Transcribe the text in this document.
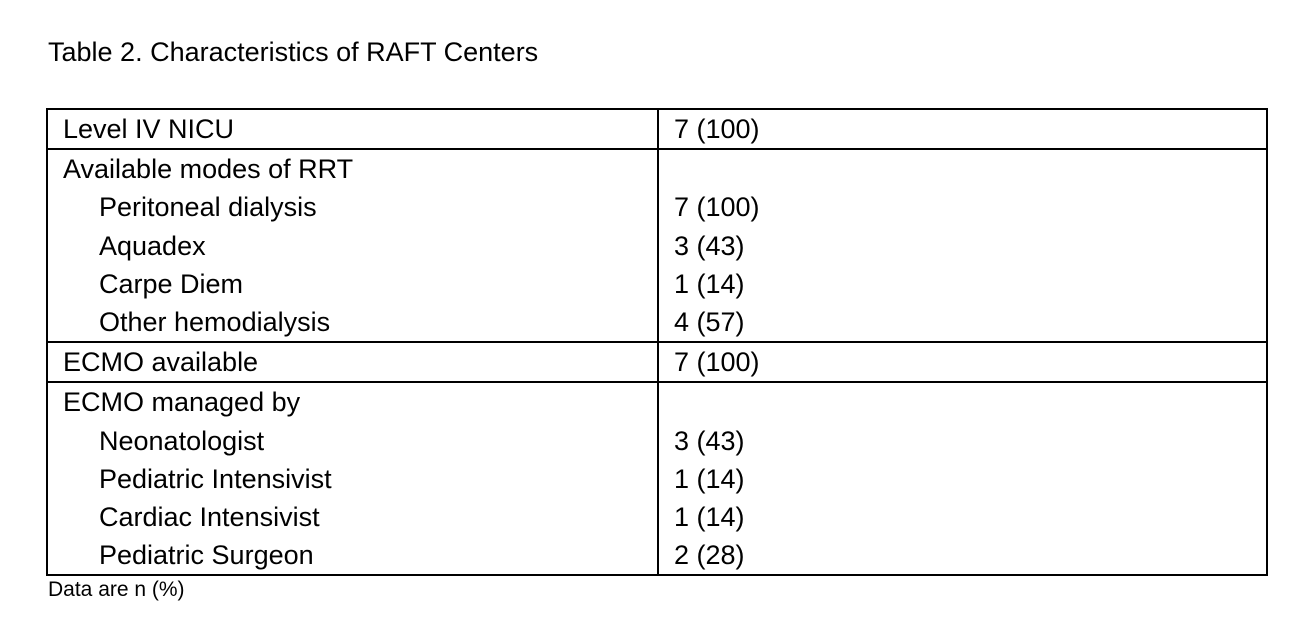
Table 2. Characteristics of RAFT Centers
Level IV NICU	7 (100)
Available modes of RRT
Peritoneal dialysis	7 (100)
Aquadex	3 (43)
Carpe Diem	1 (14)
Other hemodialysis	4 (57)
ECMO available	7 (100)
ECMO managed by
Neonatologist	3 (43)
Pediatric Intensivist	1 (14)
Cardiac Intensivist	1 (14)
Pediatric Surgeon	2 (28)
Data are n (%)
